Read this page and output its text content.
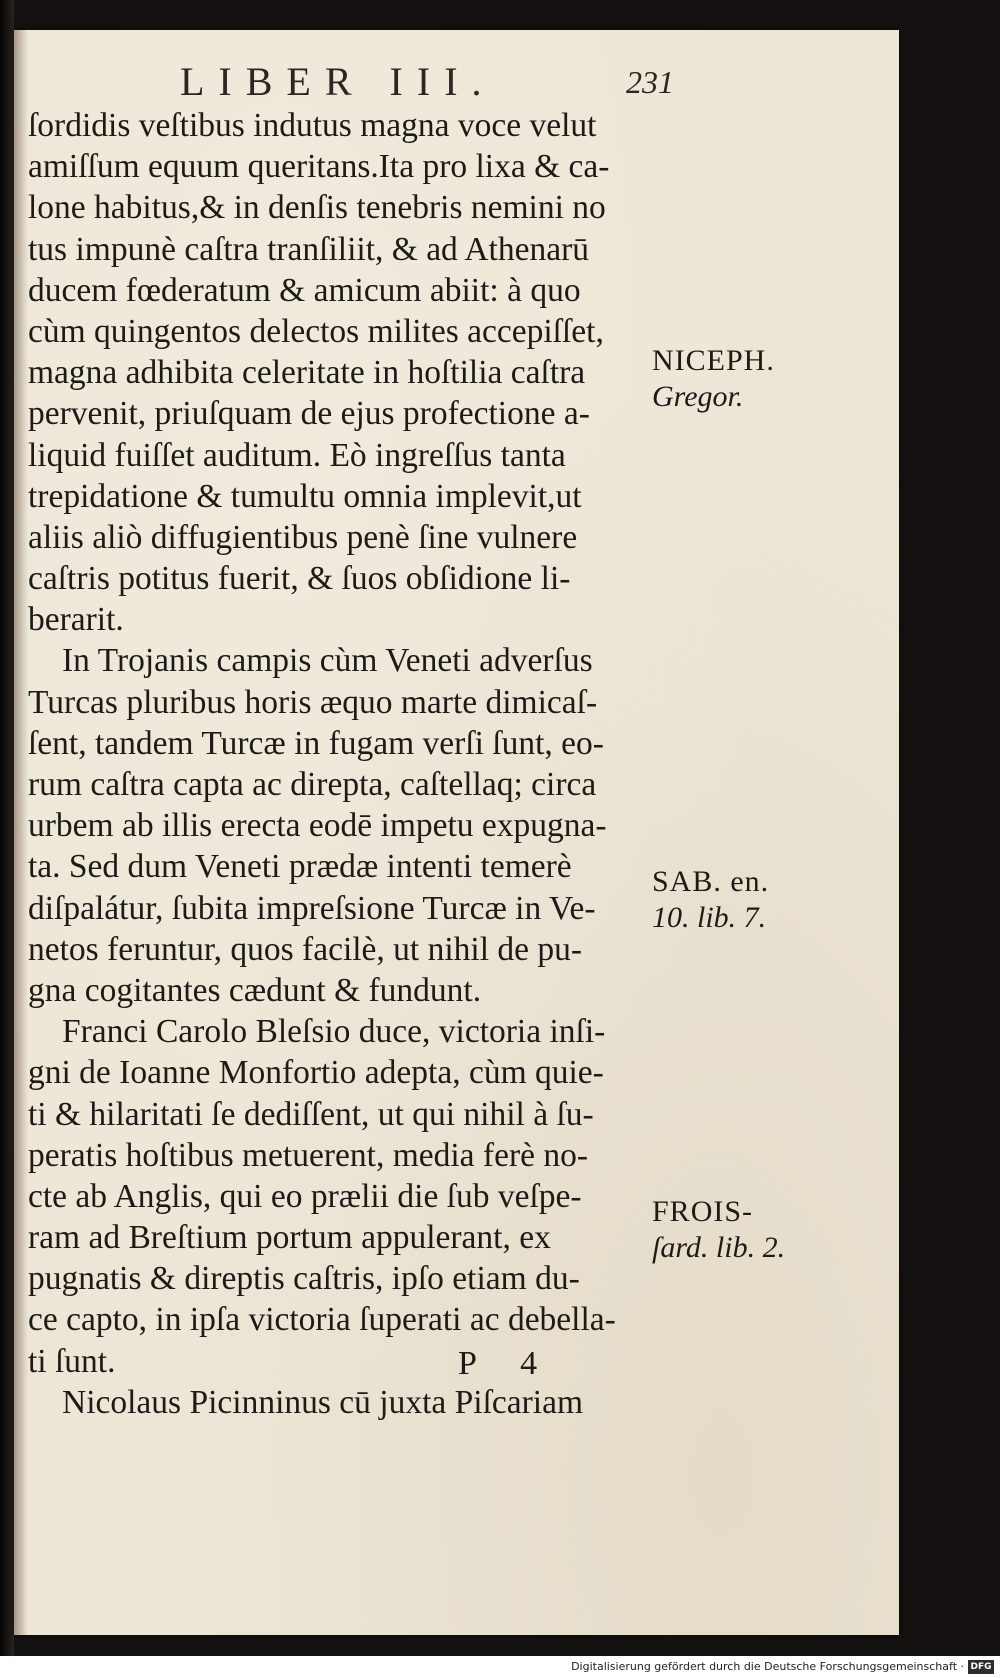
LIBER III.	231
ſordidis veſtibus indutus magna voce velut
amiſſum equum queritans.Ita pro lixa & ca-
lone habitus,& in denſis tenebris nemini no
tus impunè caſtra tranſiliit, & ad Athenarū
ducem fœderatum & amicum abiit: à quo
cùm quingentos delectos milites accepiſſet,
magna adhibita celeritate in hoſtilia caſtra
pervenit, priuſquam de ejus profectione a-
liquid fuiſſet auditum. Eò ingreſſus tanta
trepidatione & tumultu omnia implevit,ut
aliis aliò diffugientibus penè ſine vulnere
caſtris potitus fuerit, & ſuos obſidione li-
berarit.
In Trojanis campis cùm Veneti adverſus
Turcas pluribus horis æquo marte dimicaſ-
ſent, tandem Turcæ in fugam verſi ſunt, eo-
rum caſtra capta ac direpta, caſtellaq; circa
urbem ab illis erecta eodē impetu expugna-
ta. Sed dum Veneti prædæ intenti temerè
diſpalátur, ſubita impreſsione Turcæ in Ve-
netos feruntur, quos facilè, ut nihil de pu-
gna cogitantes cædunt & fundunt.
Franci Carolo Bleſsio duce, victoria inſi-
gni de Ioanne Monfortio adepta, cùm quie-
ti & hilaritati ſe dediſſent, ut qui nihil à ſu-
peratis hoſtibus metuerent, media ferè no-
cte ab Anglis, qui eo prælii die ſub veſpe-
ram ad Breſtium portum appulerant, ex
pugnatis & direptis caſtris, ipſo etiam du-
ce capto, in ipſa victoria ſuperati ac debella-
ti ſunt.
Nicolaus Picinninus cū juxta Piſcariam
NICEPH.
Gregor.
SAB. en.
10. lib. 7.
FROIS-
ſard. lib. 2.
P 4
Digitalisierung gefördert durch die Deutsche Forschungsgemeinschaft · DFG
